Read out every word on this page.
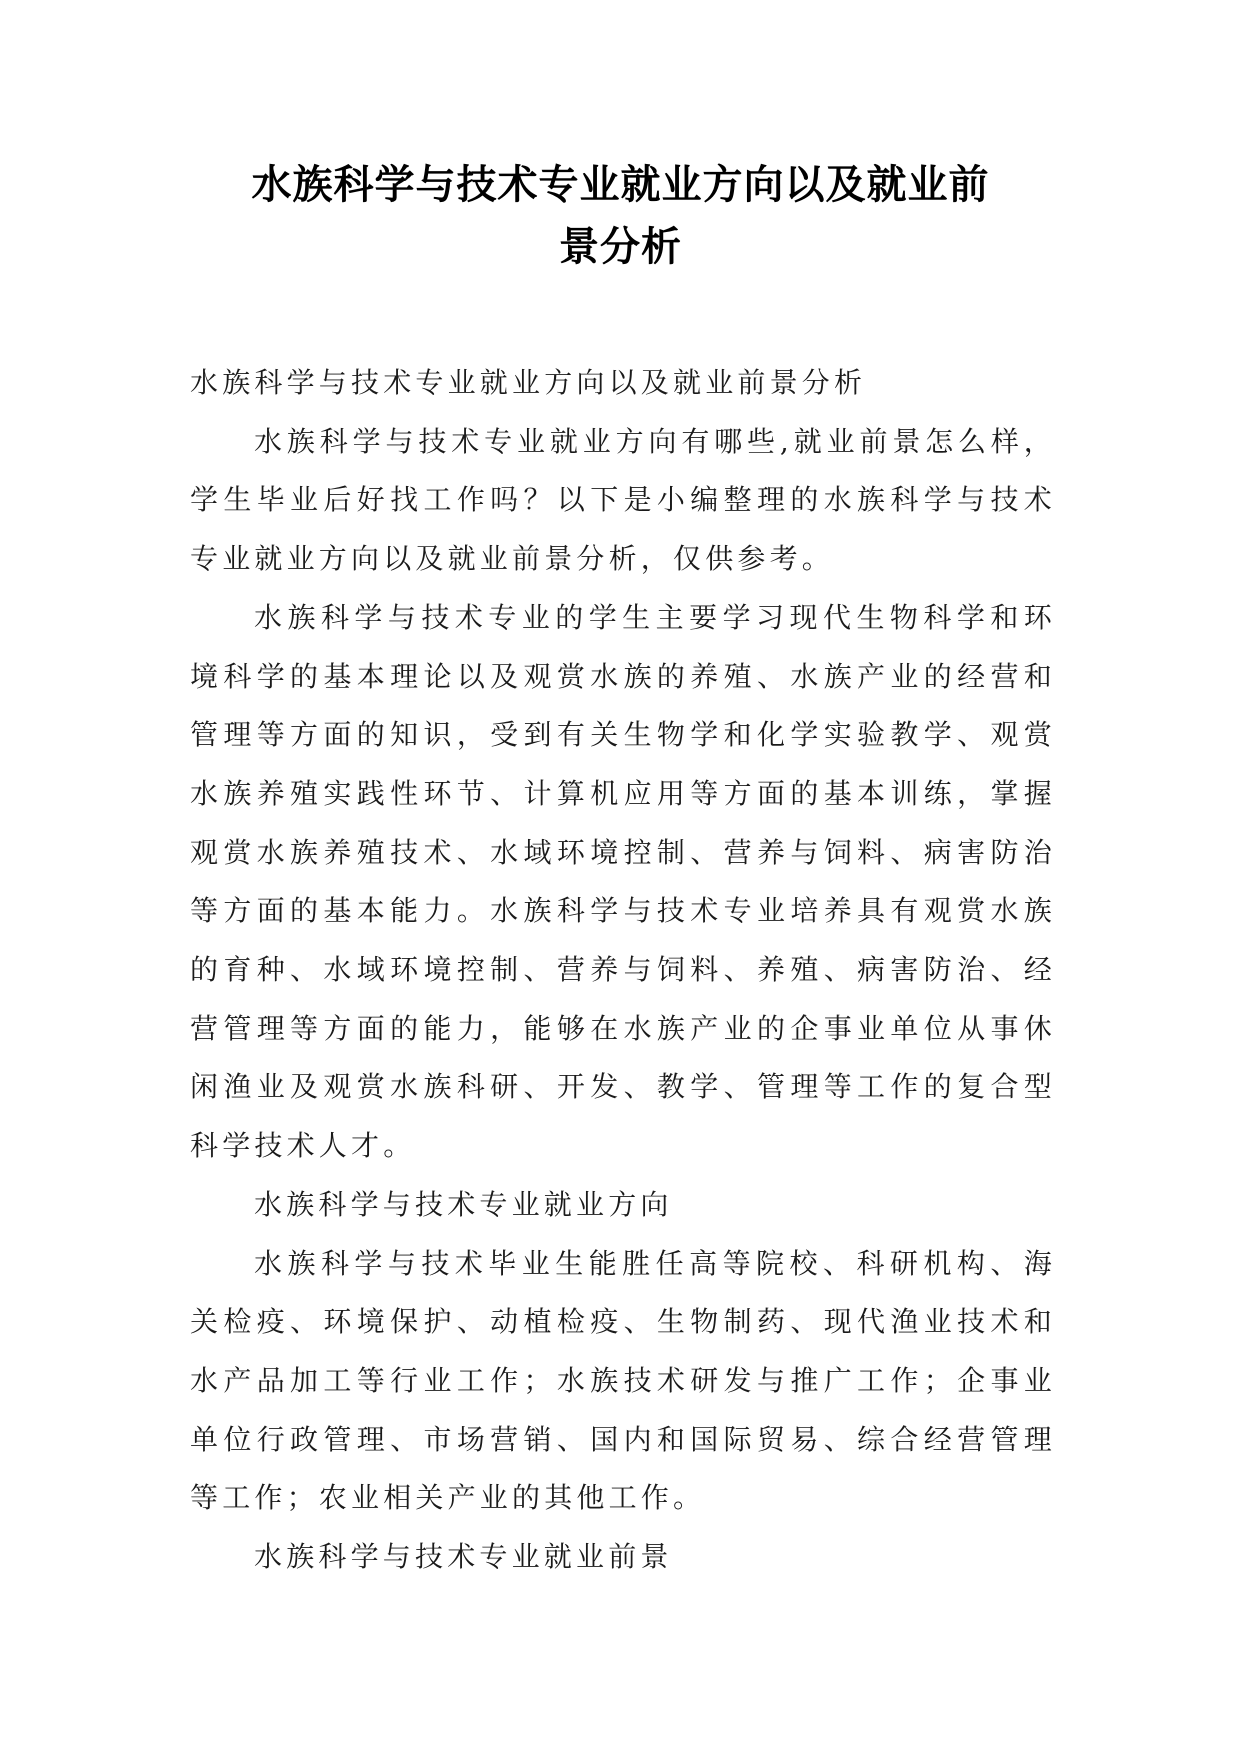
水族科学与技术专业就业方向以及就业前
景分析

水族科学与技术专业就业方向以及就业前景分析

水族科学与技术专业就业方向有哪些,就业前景怎么样，学生毕业后好找工作吗？以下是小编整理的水族科学与技术专业就业方向以及就业前景分析，仅供参考。

水族科学与技术专业的学生主要学习现代生物科学和环境科学的基本理论以及观赏水族的养殖、水族产业的经营和管理等方面的知识，受到有关生物学和化学实验教学、观赏水族养殖实践性环节、计算机应用等方面的基本训练，掌握观赏水族养殖技术、水域环境控制、营养与饲料、病害防治等方面的基本能力。水族科学与技术专业培养具有观赏水族的育种、水域环境控制、营养与饲料、养殖、病害防治、经营管理等方面的能力，能够在水族产业的企事业单位从事休闲渔业及观赏水族科研、开发、教学、管理等工作的复合型科学技术人才。

水族科学与技术专业就业方向

水族科学与技术毕业生能胜任高等院校、科研机构、海关检疫、环境保护、动植检疫、生物制药、现代渔业技术和水产品加工等行业工作；水族技术研发与推广工作；企事业单位行政管理、市场营销、国内和国际贸易、综合经营管理等工作；农业相关产业的其他工作。

水族科学与技术专业就业前景
